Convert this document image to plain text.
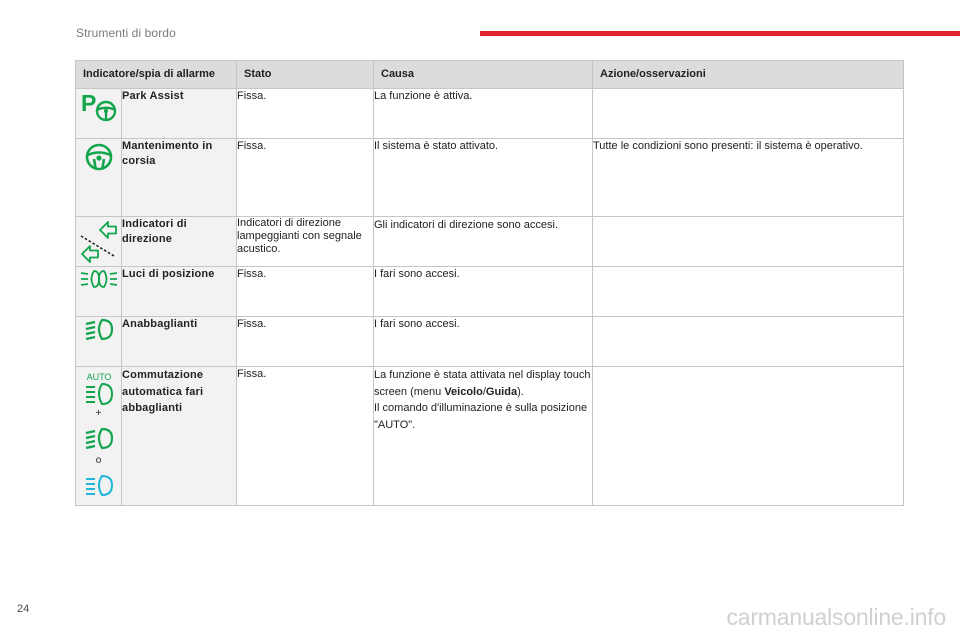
Strumenti di bordo
Indicatore/spia di allarme		Stato	Causa	Azione/osservazioni

P	Park Assist	Fissa.	La funzione è attiva.	

	Mantenimento in corsia	Fissa.	Il sistema è stato attivato.	Tutte le condizioni sono presenti: il sistema è operativo.

	Indicatori di direzione	Indicatori di direzione lampeggianti con segnale acustico.	Gli indicatori di direzione sono accesi.	

	Luci di posizione	Fissa.	I fari sono accesi.	

	Anabbaglianti	Fissa.	I fari sono accesi.	

AUTO
+
o	Commutazione automatica fari abbaglianti	Fissa.	La funzione è stata attivata nel display touch screen (menu Veicolo/Guida).
Il comando d'illuminazione è sulla posizione "AUTO".	
24	carmanualsonline.info
